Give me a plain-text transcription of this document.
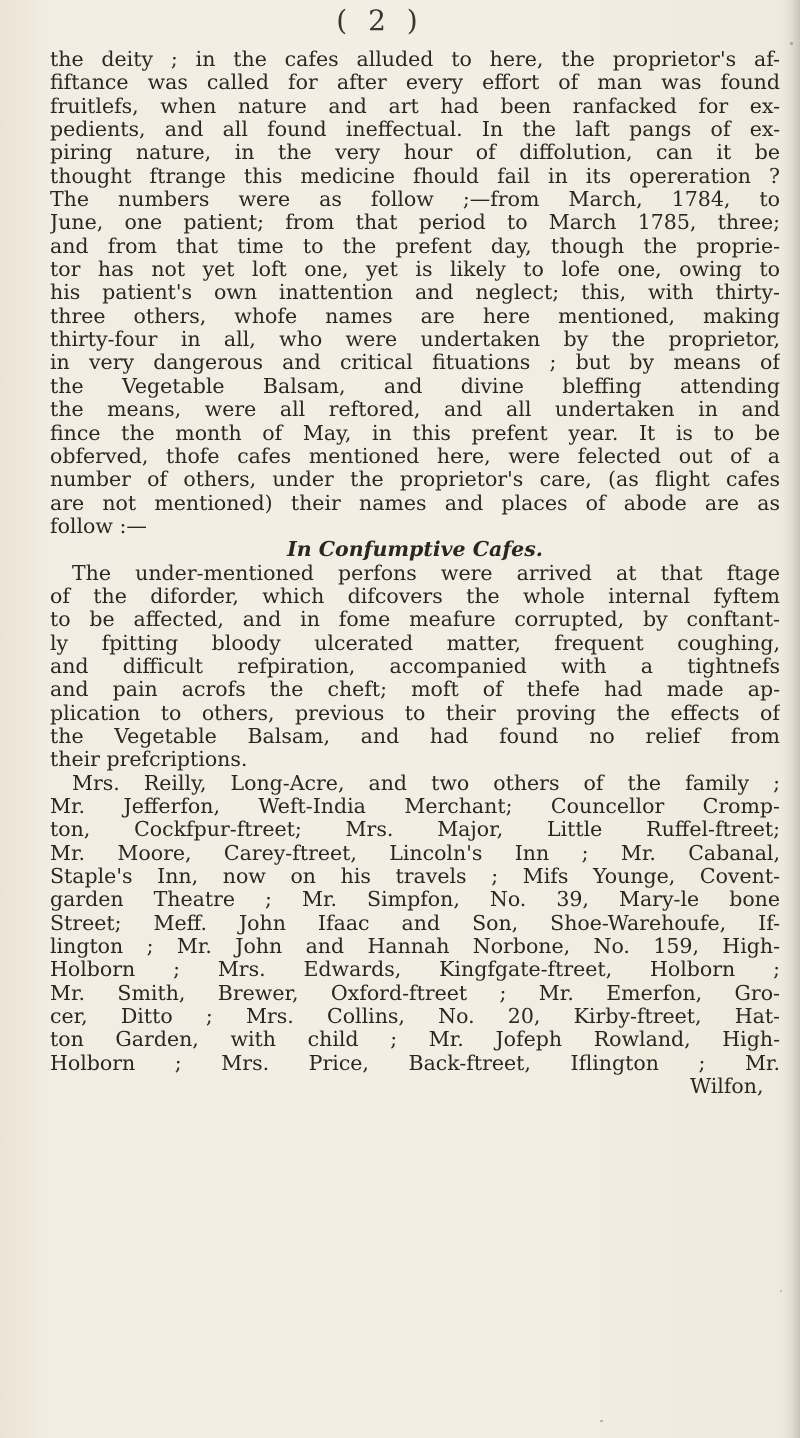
( 2 )
the deity ; in the cafes alluded to here, the proprietor's af-
fiftance was called for after every effort of man was found
fruitlefs, when nature and art had been ranfacked for ex-
pedients, and all found ineffectual. In the laft pangs of ex-
piring nature, in the very hour of diffolution, can it be
thought ftrange this medicine fhould fail in its opereration ?
The numbers were as follow ;—from March, 1784, to
June, one patient; from that period to March 1785, three;
and from that time to the prefent day, though the proprie-
tor has not yet loft one, yet is likely to lofe one, owing to
his patient's own inattention and neglect; this, with thirty-
three others, whofe names are here mentioned, making
thirty-four in all, who were undertaken by the proprietor,
in very dangerous and critical fituations ; but by means of
the Vegetable Balsam, and divine bleffing attending
the means, were all reftored, and all undertaken in and
fince the month of May, in this prefent year. It is to be
obferved, thofe cafes mentioned here, were felected out of a
number of others, under the proprietor's care, (as flight cafes
are not mentioned) their names and places of abode are as
follow :—
In Confumptive Cafes.
The under-mentioned perfons were arrived at that ftage
of the diforder, which difcovers the whole internal fyftem
to be affected, and in fome meafure corrupted, by conftant-
ly fpitting bloody ulcerated matter, frequent coughing,
and difficult refpiration, accompanied with a tightnefs
and pain acrofs the cheft; moft of thefe had made ap-
plication to others, previous to their proving the effects of
the Vegetable Balsam, and had found no relief from
their prefcriptions.
Mrs. Reilly, Long-Acre, and two others of the family ;
Mr. Jefferfon, Weft-India Merchant; Councellor Cromp-
ton, Cockfpur-ftreet; Mrs. Major, Little Ruffel-ftreet;
Mr. Moore, Carey-ftreet, Lincoln's Inn ; Mr. Cabanal,
Staple's Inn, now on his travels ; Mifs Younge, Covent-
garden Theatre ; Mr. Simpfon, No. 39, Mary-le bone
Street; Meff. John Ifaac and Son, Shoe-Warehoufe, If-
lington ; Mr. John and Hannah Norbone, No. 159, High-
Holborn ; Mrs. Edwards, Kingfgate-ftreet, Holborn ;
Mr. Smith, Brewer, Oxford-ftreet ; Mr. Emerfon, Gro-
cer, Ditto ; Mrs. Collins, No. 20, Kirby-ftreet, Hat-
ton Garden, with child ; Mr. Jofeph Rowland, High-
Holborn ; Mrs. Price, Back-ftreet, Iflington ; Mr.
Wilfon,
